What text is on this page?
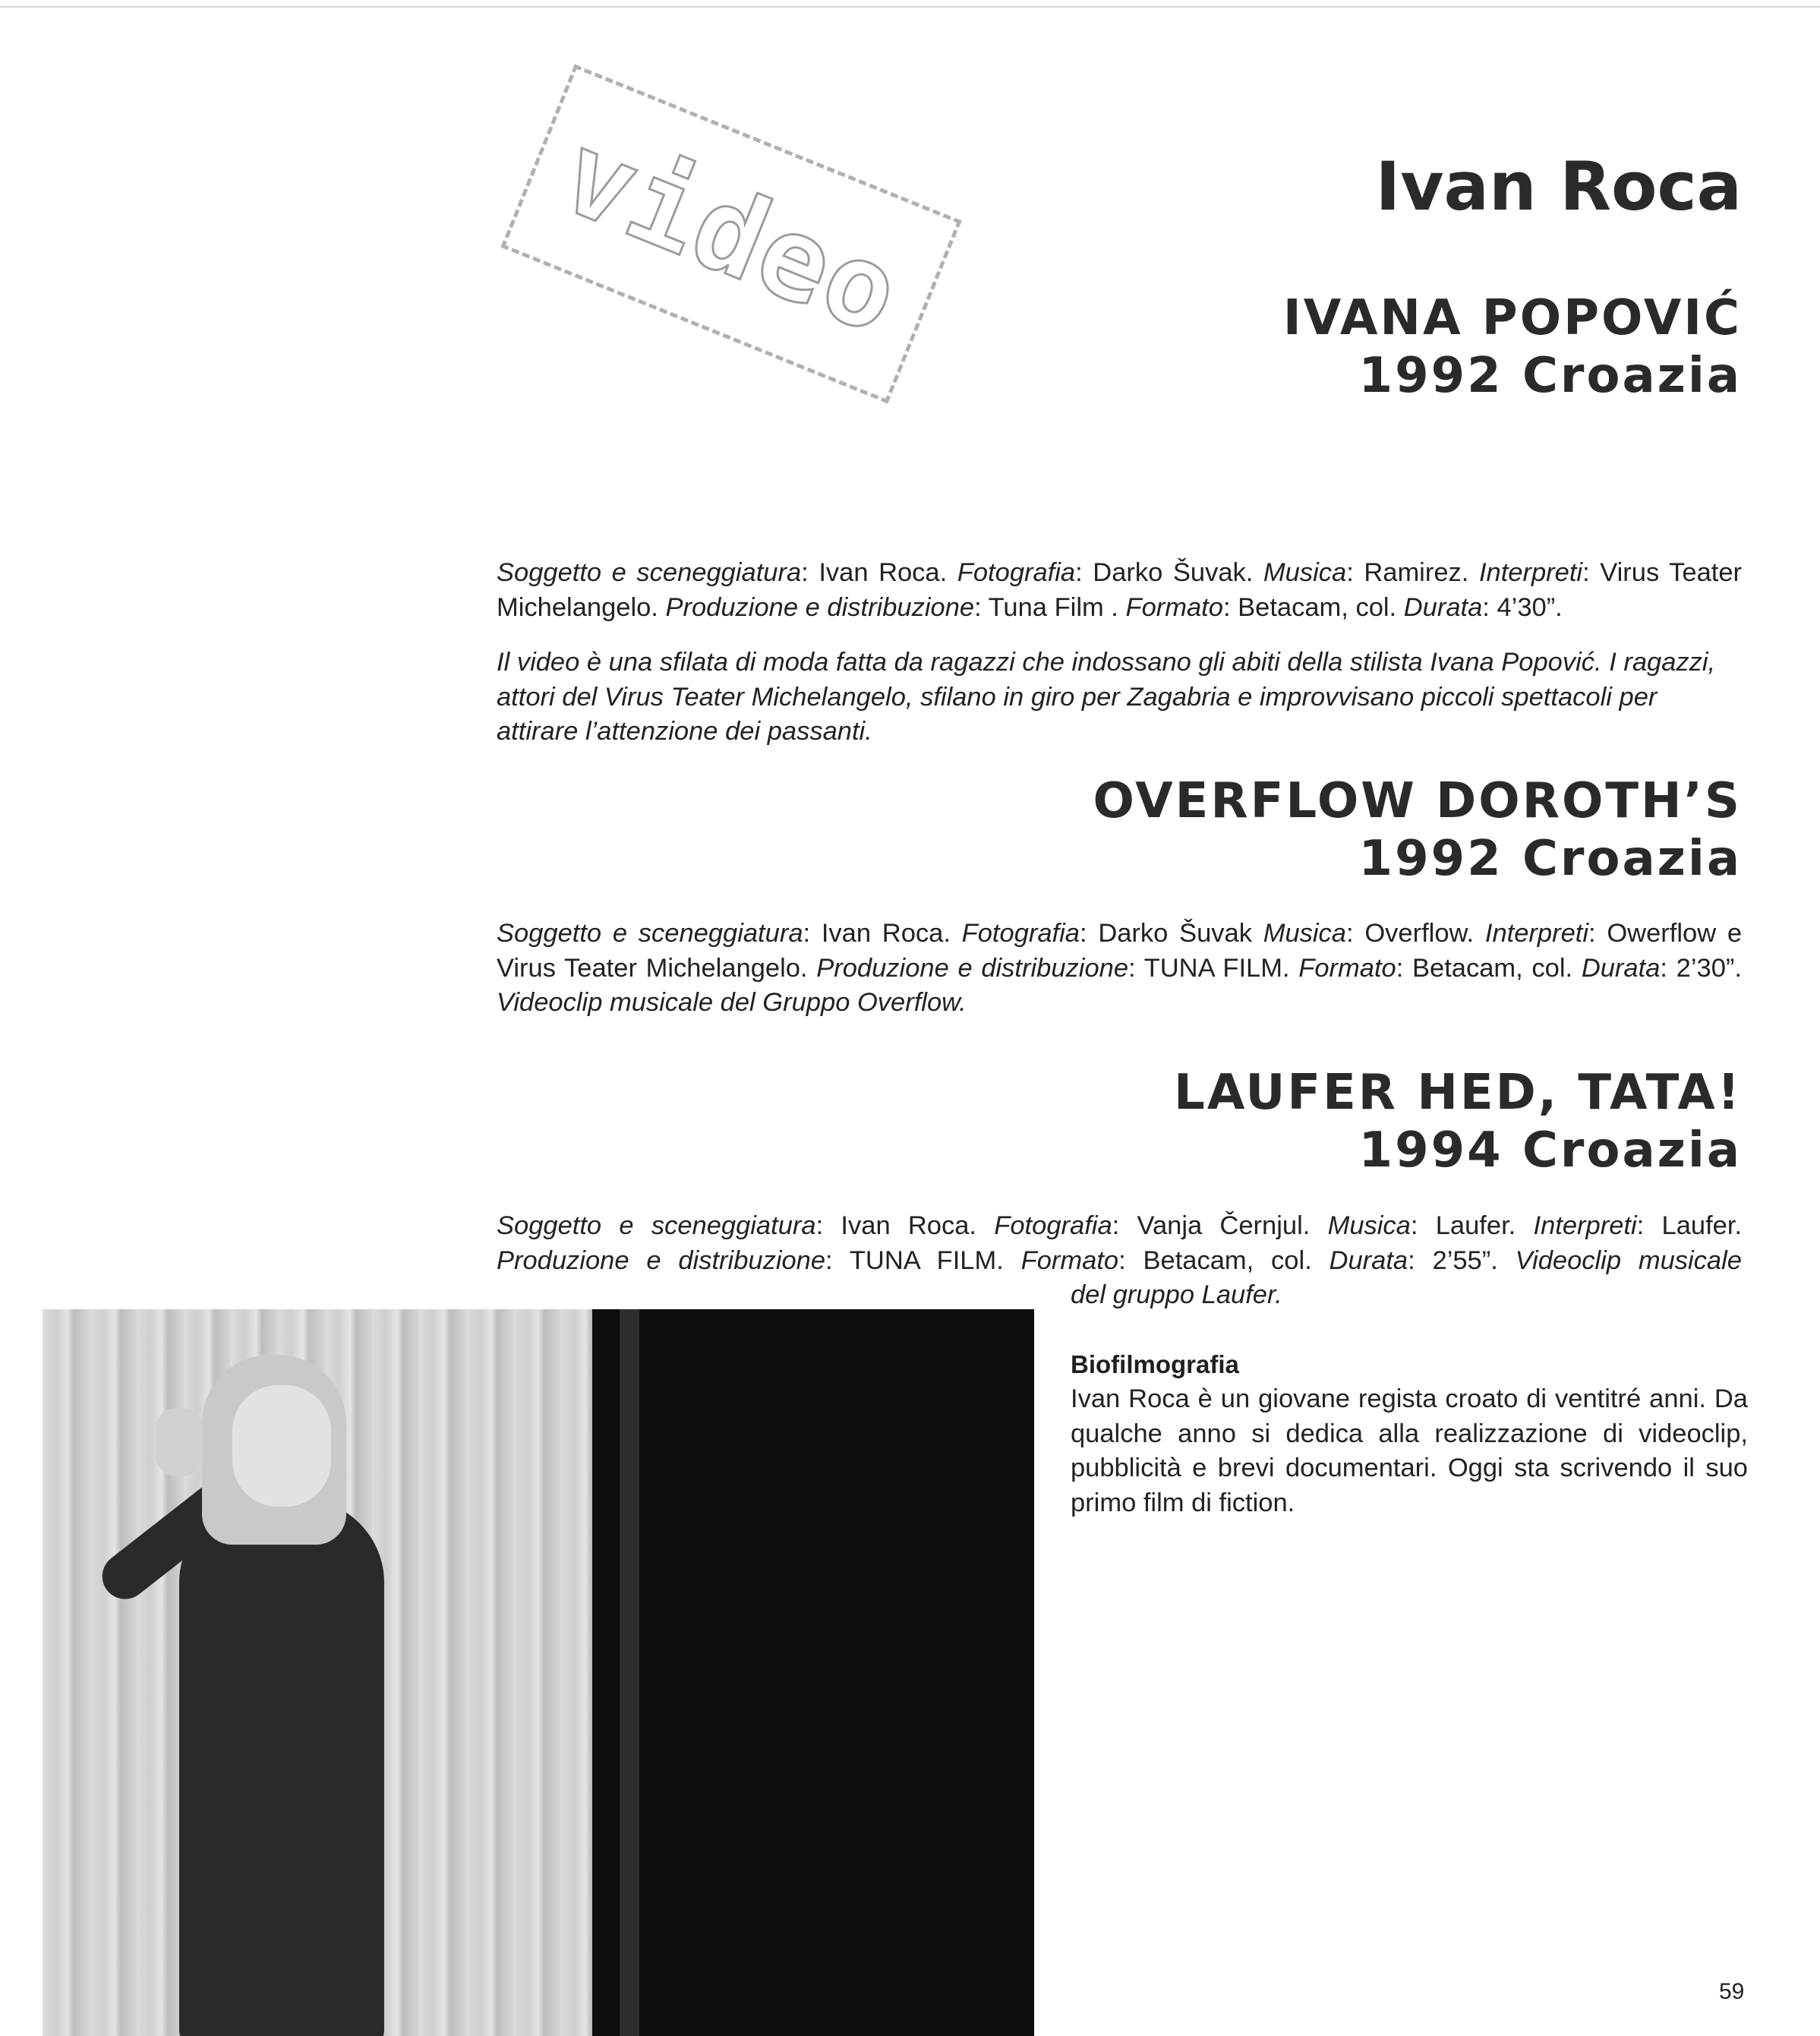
video	Ivan Roca
IVANA POPOVIĆ
1992 Croazia

Soggetto e sceneggiatura: Ivan Roca. Fotografia: Darko Šuvak. Musica: Ramirez. Interpreti: Virus Teater Michelangelo. Produzione e distribuzione: Tuna Film . Formato: Betacam, col. Durata: 4’30”.

Il video è una sfilata di moda fatta da ragazzi che indossano gli abiti della stilista Ivana Popović. I ragazzi, attori del Virus Teater Michelangelo, sfilano in giro per Zagabria e improvvisano piccoli spettacoli per attirare l’attenzione dei passanti.

OVERFLOW DOROTH’S
1992 Croazia

Soggetto e sceneggiatura: Ivan Roca. Fotografia: Darko Šuvak Musica: Overflow. Interpreti: Owerflow e Virus Teater Michelangelo. Produzione e distribuzione: TUNA FILM. Formato: Betacam, col. Durata: 2’30”. Videoclip musicale del Gruppo Overflow.

LAUFER HED, TATA!
1994 Croazia

Soggetto e sceneggiatura: Ivan Roca. Fotografia: Vanja Černjul. Musica: Laufer. Interpreti: Laufer.
Produzione e distribuzione: TUNA FILM. Formato: Betacam, col. Durata: 2’55”. Videoclip musicale
del gruppo Laufer.

Biofilmografia

Ivan Roca è un giovane regista croato di ventitré anni. Da qualche anno si dedica alla realizzazione di videoclip, pubblicità e brevi documentari. Oggi sta scrivendo il suo primo film di fiction.

59
